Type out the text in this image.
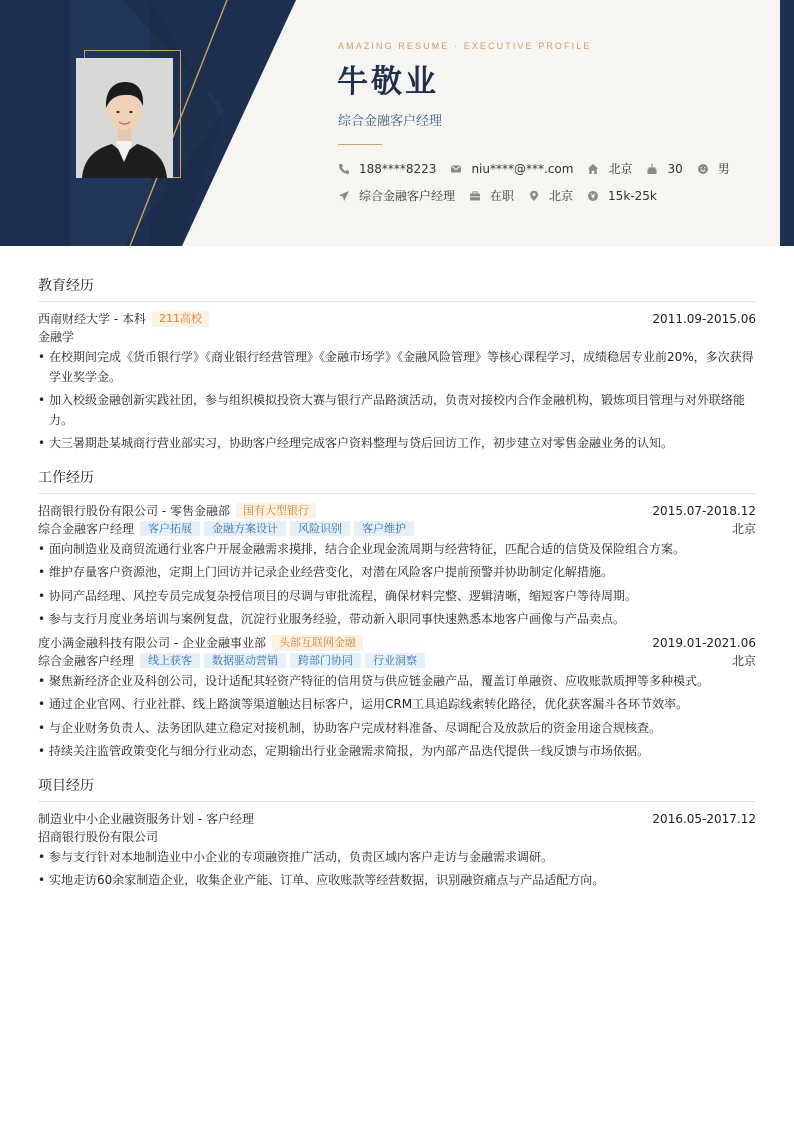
AMAZING RESUME · EXECUTIVE PROFILE
牛敬业
综合金融客户经理
188****8223	niu****@***.com	北京	30	男
综合金融客户经理	在职	北京	15k-25k
教育经历
西南财经大学 - 本科	211高校	2011.09-2015.06
金融学
• 在校期间完成《货币银行学》《商业银行经营管理》《金融市场学》《金融风险管理》等核心课程学习，成绩稳居专业前20%，多次获得学业奖学金。
• 加入校级金融创新实践社团，参与组织模拟投资大赛与银行产品路演活动，负责对接校内合作金融机构，锻炼项目管理与对外联络能力。
• 大三暑期赴某城商行营业部实习，协助客户经理完成客户资料整理与贷后回访工作，初步建立对零售金融业务的认知。
工作经历
招商银行股份有限公司 - 零售金融部	国有大型银行	2015.07-2018.12
综合金融客户经理	客户拓展	金融方案设计	风险识别	客户维护	北京
• 面向制造业及商贸流通行业客户开展金融需求摸排，结合企业现金流周期与经营特征，匹配合适的信贷及保险组合方案。
• 维护存量客户资源池，定期上门回访并记录企业经营变化，对潜在风险客户提前预警并协助制定化解措施。
• 协同产品经理、风控专员完成复杂授信项目的尽调与审批流程，确保材料完整、逻辑清晰，缩短客户等待周期。
• 参与支行月度业务培训与案例复盘，沉淀行业服务经验，带动新入职同事快速熟悉本地客户画像与产品卖点。
度小满金融科技有限公司 - 企业金融事业部	头部互联网金融	2019.01-2021.06
综合金融客户经理	线上获客	数据驱动营销	跨部门协同	行业洞察	北京
• 聚焦新经济企业及科创公司，设计适配其轻资产特征的信用贷与供应链金融产品，覆盖订单融资、应收账款质押等多种模式。
• 通过企业官网、行业社群、线上路演等渠道触达目标客户，运用CRM工具追踪线索转化路径，优化获客漏斗各环节效率。
• 与企业财务负责人、法务团队建立稳定对接机制，协助客户完成材料准备、尽调配合及放款后的资金用途合规核查。
• 持续关注监管政策变化与细分行业动态，定期输出行业金融需求简报，为内部产品迭代提供一线反馈与市场依据。
项目经历
制造业中小企业融资服务计划 - 客户经理	2016.05-2017.12
招商银行股份有限公司
• 参与支行针对本地制造业中小企业的专项融资推广活动，负责区域内客户走访与金融需求调研。
• 实地走访60余家制造企业，收集企业产能、订单、应收账款等经营数据，识别融资痛点与产品适配方向。
